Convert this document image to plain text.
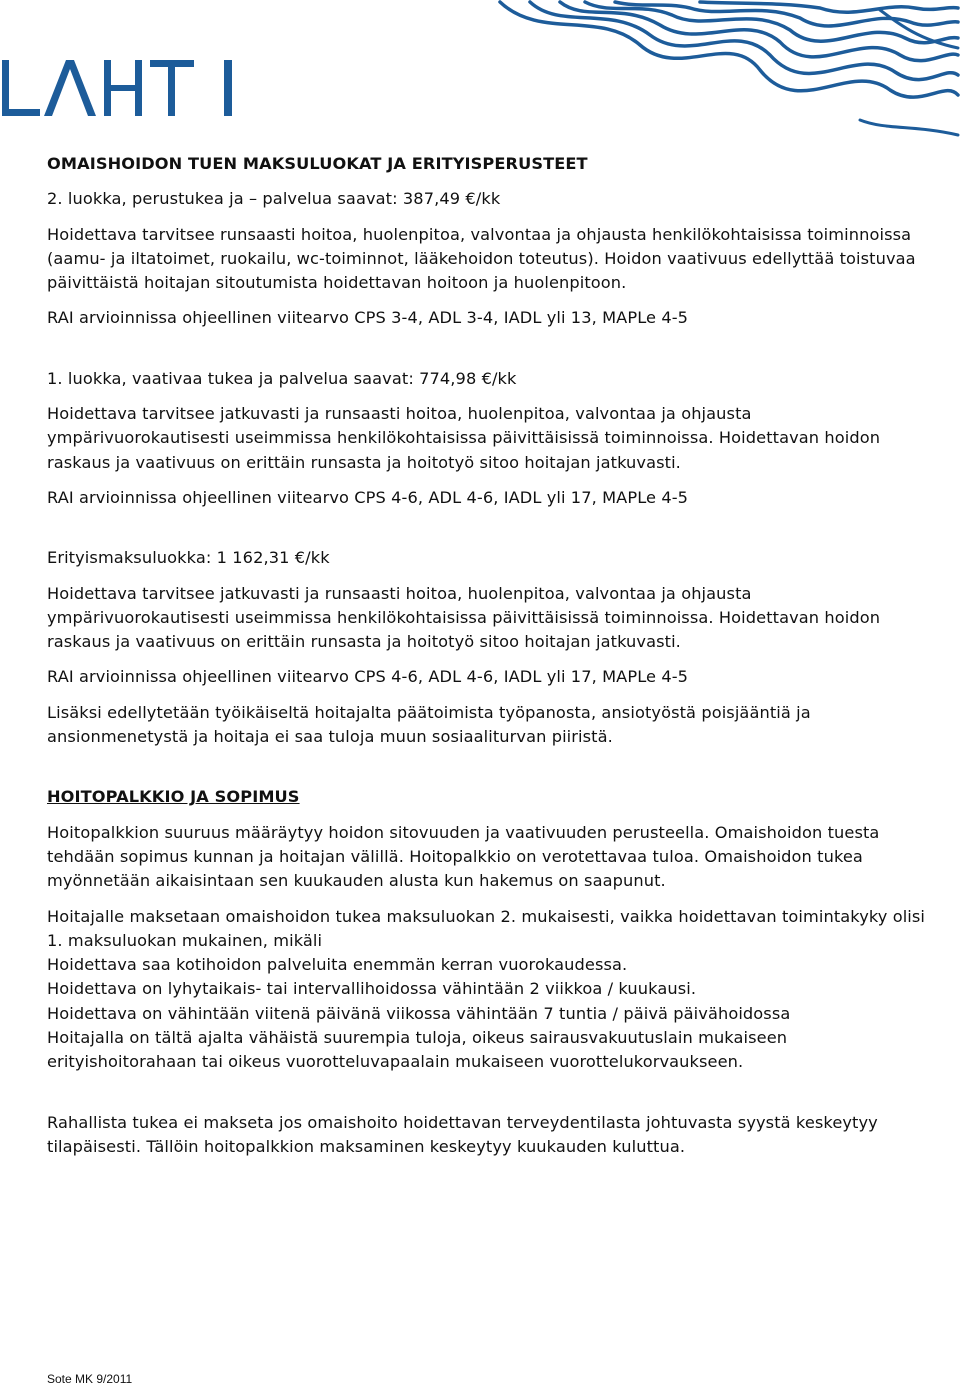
OMAISHOIDON TUEN MAKSULUOKAT JA ERITYISPERUSTEET

2. luokka, perustukea ja – palvelua saavat: 387,49 €/kk

Hoidettava tarvitsee runsaasti hoitoa, huolenpitoa, valvontaa ja ohjausta henkilökohtaisissa toiminnoissa (aamu- ja iltatoimet, ruokailu, wc-toiminnot, lääkehoidon toteutus). Hoidon vaativuus edellyttää toistuvaa päivittäistä hoitajan sitoutumista hoidettavan hoitoon ja huolenpitoon.

RAI arvioinnissa ohjeellinen viitearvo CPS 3-4, ADL 3-4, IADL yli 13, MAPLe 4-5

1. luokka, vaativaa tukea ja palvelua saavat: 774,98 €/kk

Hoidettava tarvitsee jatkuvasti ja runsaasti hoitoa, huolenpitoa, valvontaa ja ohjausta ympärivuorokautisesti useimmissa henkilökohtaisissa päivittäisissä toiminnoissa. Hoidettavan hoidon raskaus ja vaativuus on erittäin runsasta ja hoitotyö sitoo hoitajan jatkuvasti.

RAI arvioinnissa ohjeellinen viitearvo CPS 4-6, ADL 4-6, IADL yli 17, MAPLe 4-5

Erityismaksuluokka: 1 162,31 €/kk

Hoidettava tarvitsee jatkuvasti ja runsaasti hoitoa, huolenpitoa, valvontaa ja ohjausta ympärivuorokautisesti useimmissa henkilökohtaisissa päivittäisissä toiminnoissa. Hoidettavan hoidon raskaus ja vaativuus on erittäin runsasta ja hoitotyö sitoo hoitajan jatkuvasti.

RAI arvioinnissa ohjeellinen viitearvo CPS 4-6, ADL 4-6, IADL yli 17, MAPLe 4-5

Lisäksi edellytetään työikäiseltä hoitajalta päätoimista työpanosta, ansiotyöstä poisjääntiä ja ansionmenetystä ja hoitaja ei saa tuloja muun sosiaaliturvan piiristä.

HOITOPALKKIO JA SOPIMUS

Hoitopalkkion suuruus määräytyy hoidon sitovuuden ja vaativuuden perusteella. Omaishoidon tuesta tehdään sopimus kunnan ja hoitajan välillä. Hoitopalkkio on verotettavaa tuloa. Omaishoidon tukea myönnetään aikaisintaan sen kuukauden alusta kun hakemus on saapunut.

Hoitajalle maksetaan omaishoidon tukea maksuluokan 2. mukaisesti, vaikka hoidettavan toimintakyky olisi 1. maksuluokan mukainen, mikäli

Hoidettava saa kotihoidon palveluita enemmän kerran vuorokaudessa.

Hoidettava on lyhytaikais- tai intervallihoidossa vähintään 2 viikkoa / kuukausi.

Hoidettava on vähintään viitenä päivänä viikossa vähintään 7 tuntia / päivä päivähoidossa

Hoitajalla on tältä ajalta vähäistä suurempia tuloja, oikeus sairausvakuutuslain mukaiseen erityishoitorahaan tai oikeus vuorotteluvapaalain mukaiseen vuorottelukorvaukseen.

Rahallista tukea ei makseta jos omaishoito hoidettavan terveydentilasta johtuvasta syystä keskeytyy tilapäisesti. Tällöin hoitopalkkion maksaminen keskeytyy kuukauden kuluttua.

Sote MK 9/2011
